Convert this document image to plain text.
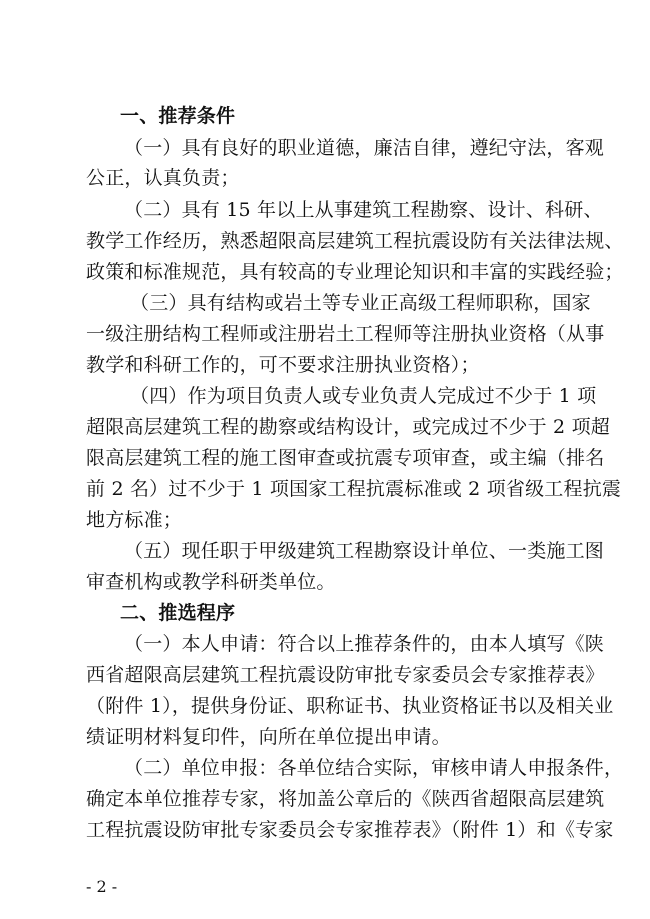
一、推荐条件
（一）具有良好的职业道德，廉洁自律，遵纪守法，客观
公正，认真负责；
（二）具有 15 年以上从事建筑工程勘察、设计、科研、
教学工作经历，熟悉超限高层建筑工程抗震设防有关法律法规、
政策和标准规范，具有较高的专业理论知识和丰富的实践经验；
（三）具有结构或岩土等专业正高级工程师职称，国家
一级注册结构工程师或注册岩土工程师等注册执业资格（从事
教学和科研工作的，可不要求注册执业资格）；
（四）作为项目负责人或专业负责人完成过不少于 1 项
超限高层建筑工程的勘察或结构设计，或完成过不少于 2 项超
限高层建筑工程的施工图审查或抗震专项审查，或主编（排名
前 2 名）过不少于 1 项国家工程抗震标准或 2 项省级工程抗震
地方标准；
（五）现任职于甲级建筑工程勘察设计单位、一类施工图
审查机构或教学科研类单位。
二、推选程序
（一）本人申请：符合以上推荐条件的，由本人填写《陕
西省超限高层建筑工程抗震设防审批专家委员会专家推荐表》
（附件 1），提供身份证、职称证书、执业资格证书以及相关业
绩证明材料复印件，向所在单位提出申请。
（二）单位申报：各单位结合实际，审核申请人申报条件，
确定本单位推荐专家，将加盖公章后的《陕西省超限高层建筑
工程抗震设防审批专家委员会专家推荐表》（附件 1）和《专家
- 2 -
